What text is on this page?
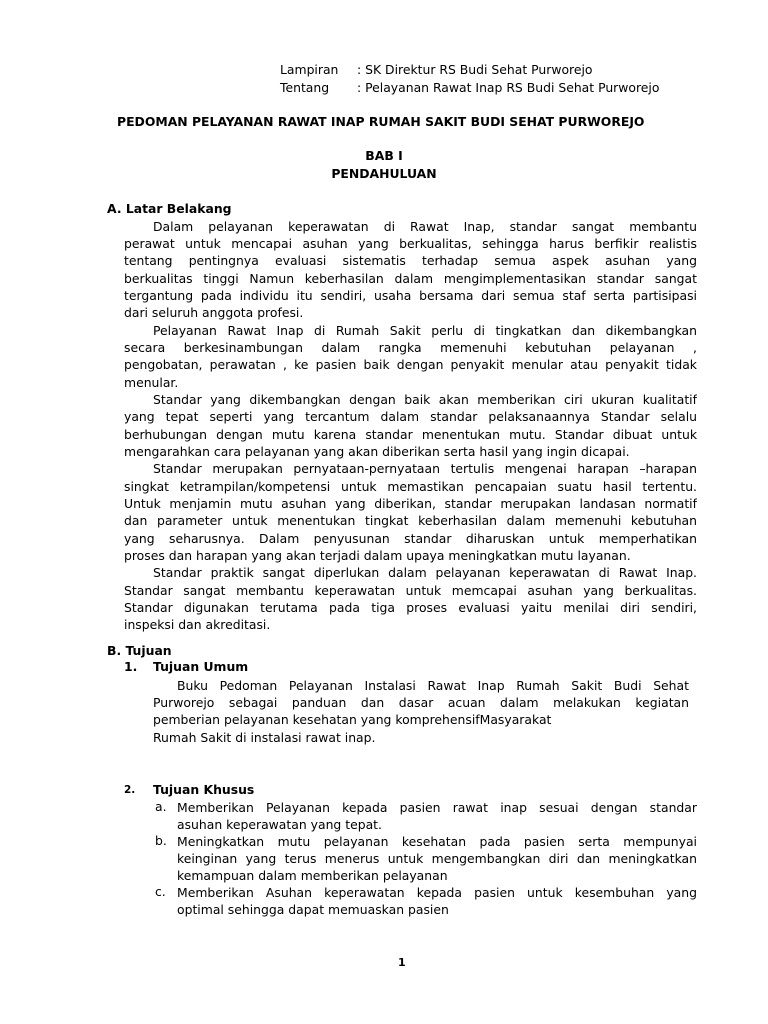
Lampiran : SK Direktur RS Budi Sehat Purworejo
Tentang : Pelayanan Rawat Inap RS Budi Sehat Purworejo
PEDOMAN PELAYANAN RAWAT INAP RUMAH SAKIT BUDI SEHAT PURWOREJO
BAB I
PENDAHULUAN
A. Latar Belakang
Dalam pelayanan keperawatan di Rawat Inap, standar sangat membantu
perawat untuk mencapai asuhan yang berkualitas, sehingga harus berfikir realistis
tentang pentingnya evaluasi sistematis terhadap semua aspek asuhan yang
berkualitas tinggi Namun keberhasilan dalam mengimplementasikan standar sangat
tergantung pada individu itu sendiri, usaha bersama dari semua staf serta partisipasi
dari seluruh anggota profesi.
Pelayanan Rawat Inap di Rumah Sakit perlu di tingkatkan dan dikembangkan
secara berkesinambungan dalam rangka memenuhi kebutuhan pelayanan ,
pengobatan, perawatan , ke pasien baik dengan penyakit menular atau penyakit tidak
menular.
Standar yang dikembangkan dengan baik akan memberikan ciri ukuran kualitatif
yang tepat seperti yang tercantum dalam standar pelaksanaannya Standar selalu
berhubungan dengan mutu karena standar menentukan mutu. Standar dibuat untuk
mengarahkan cara pelayanan yang akan diberikan serta hasil yang ingin dicapai.
Standar merupakan pernyataan-pernyataan tertulis mengenai harapan –harapan
singkat ketrampilan/kompetensi untuk memastikan pencapaian suatu hasil tertentu.
Untuk menjamin mutu asuhan yang diberikan, standar merupakan landasan normatif
dan parameter untuk menentukan tingkat keberhasilan dalam memenuhi kebutuhan
yang seharusnya. Dalam penyusunan standar diharuskan untuk memperhatikan
proses dan harapan yang akan terjadi dalam upaya meningkatkan mutu layanan.
Standar praktik sangat diperlukan dalam pelayanan keperawatan di Rawat Inap.
Standar sangat membantu keperawatan untuk memcapai asuhan yang berkualitas.
Standar digunakan terutama pada tiga proses evaluasi yaitu menilai diri sendiri,
inspeksi dan akreditasi.
B. Tujuan
1. Tujuan Umum
Buku Pedoman Pelayanan Instalasi Rawat Inap Rumah Sakit Budi Sehat
Purworejo sebagai panduan dan dasar acuan dalam melakukan kegiatan
pemberian pelayanan kesehatan yang komprehensifMasyarakat
Rumah Sakit di instalasi rawat inap.
2. Tujuan Khusus
a. Memberikan Pelayanan kepada pasien rawat inap sesuai dengan standar
asuhan keperawatan yang tepat.
b. Meningkatkan mutu pelayanan kesehatan pada pasien serta mempunyai
keinginan yang terus menerus untuk mengembangkan diri dan meningkatkan
kemampuan dalam memberikan pelayanan
c. Memberikan Asuhan keperawatan kepada pasien untuk kesembuhan yang
optimal sehingga dapat memuaskan pasien
1
